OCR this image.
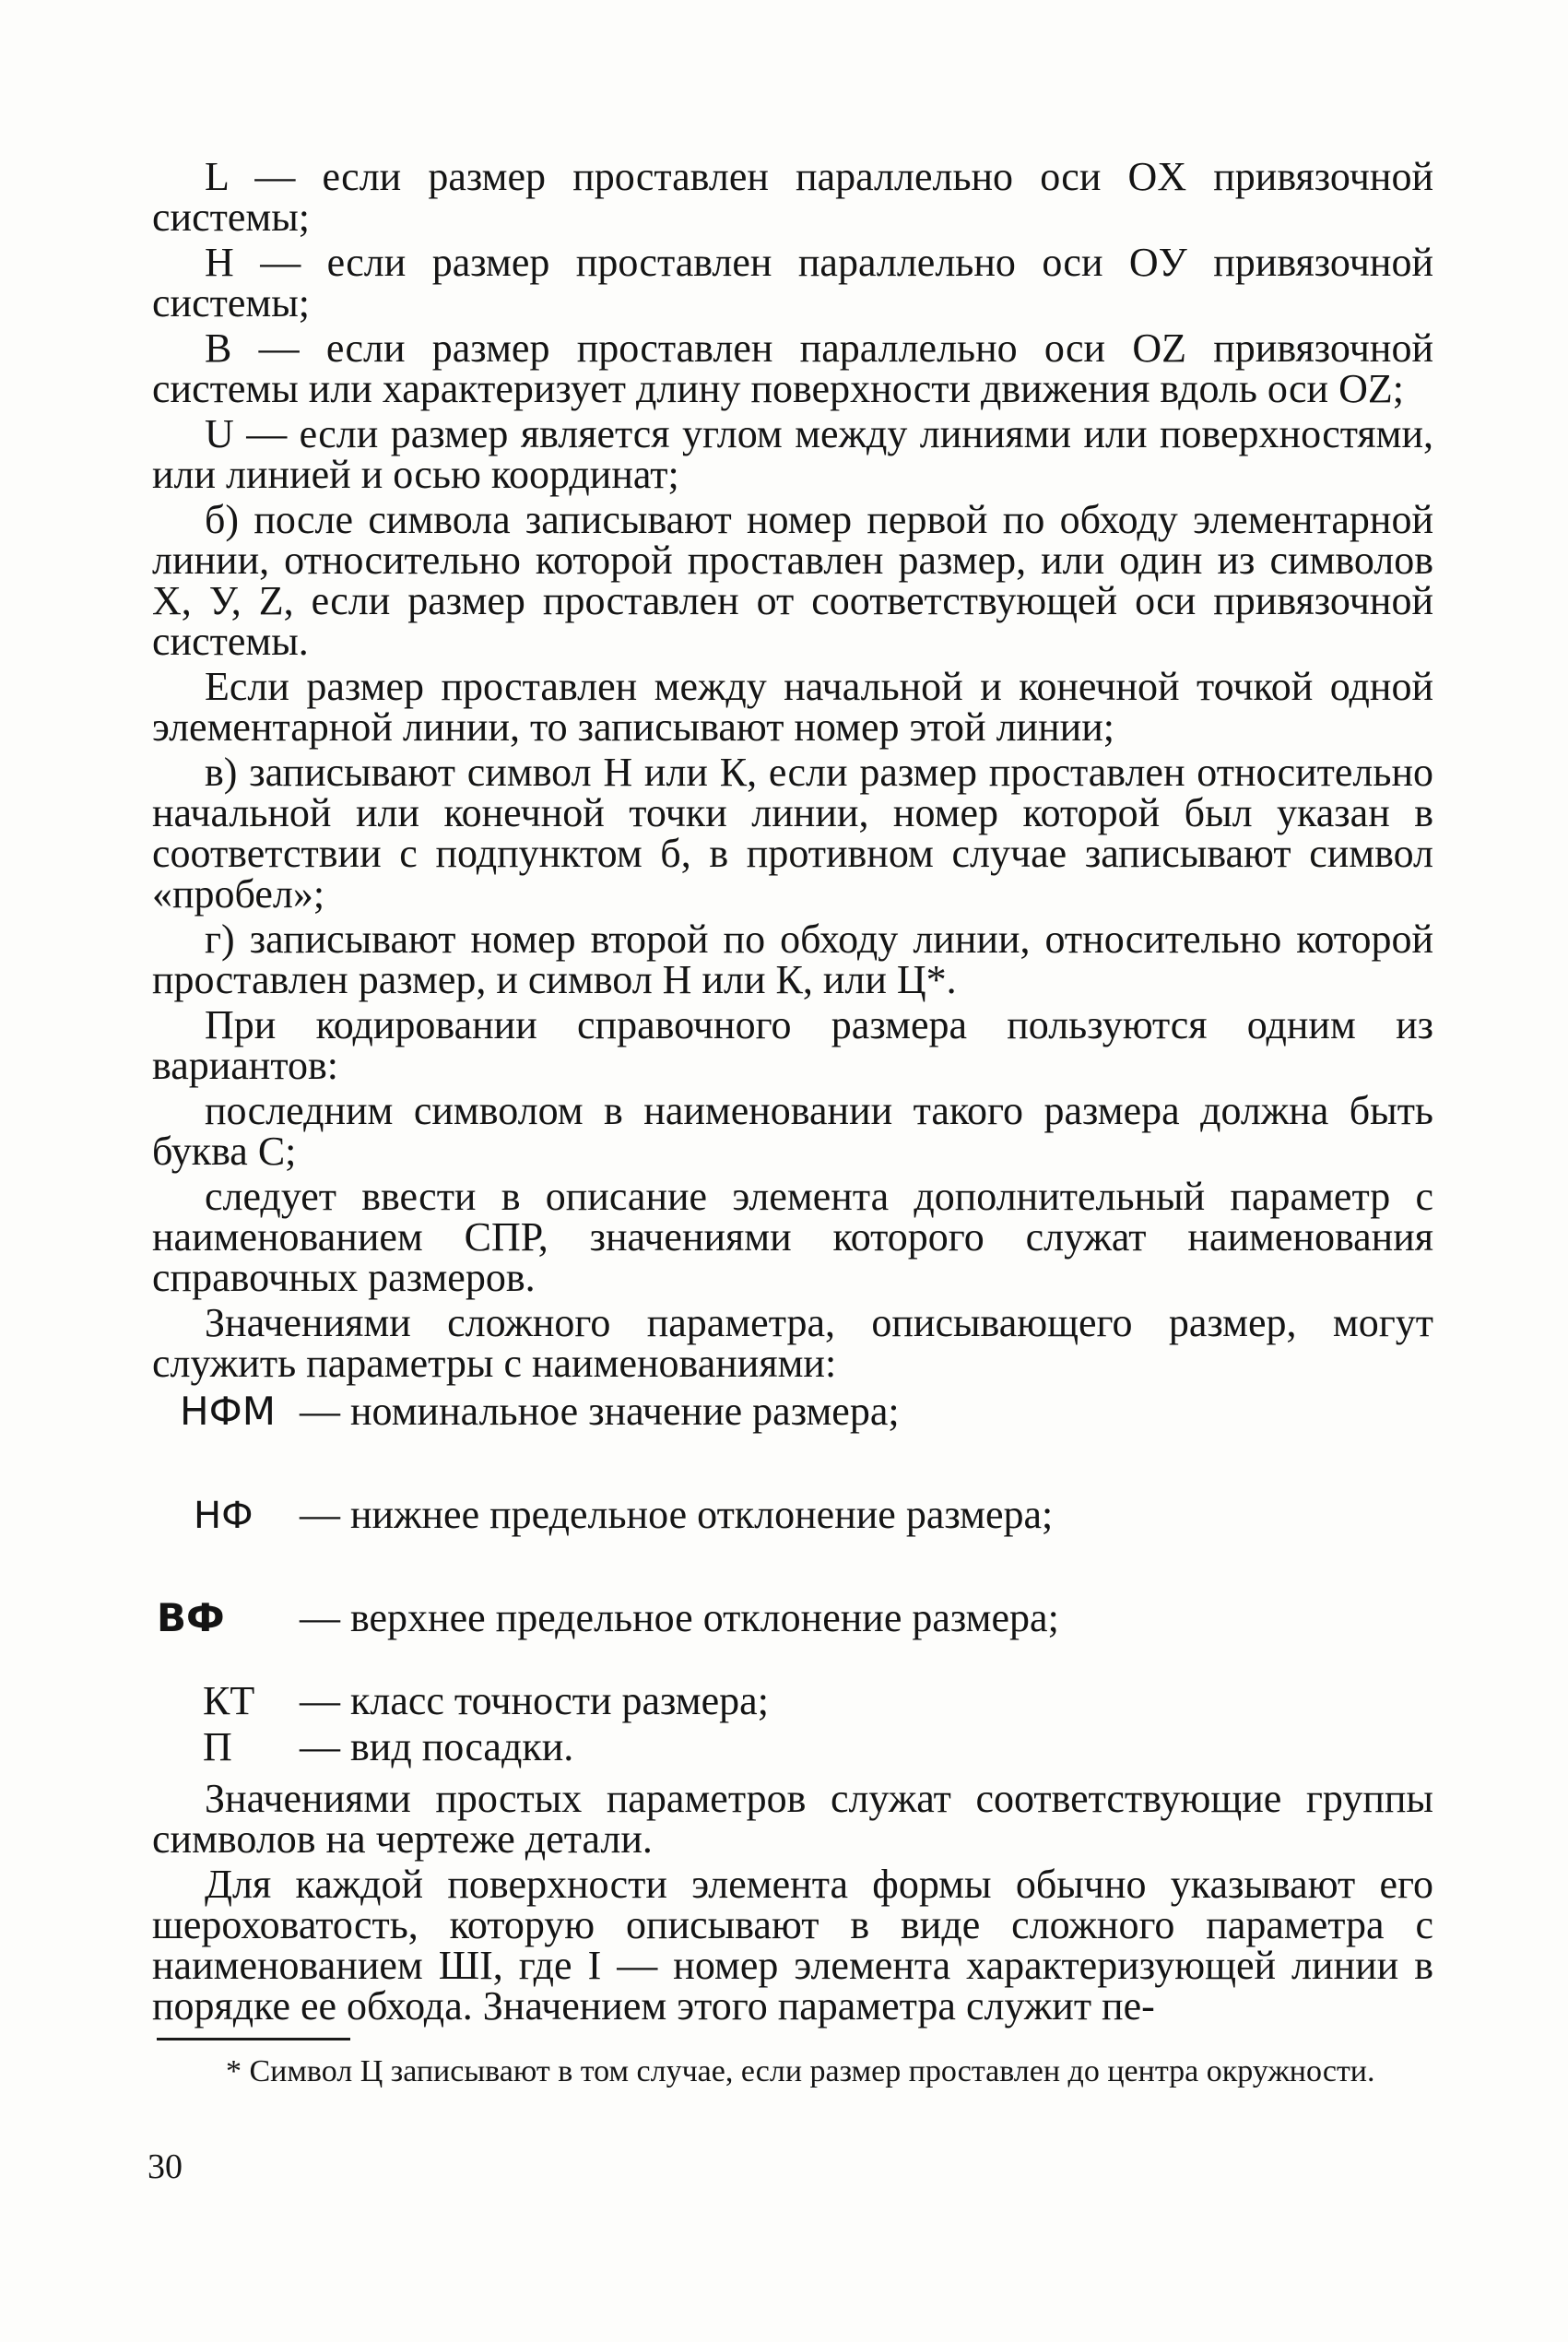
L — если размер проставлен параллельно оси OX привязочной системы;

H — если размер проставлен параллельно оси OУ привязочной системы;

B — если размер проставлен параллельно оси OZ привязочной системы или характеризует длину поверхности движения вдоль оси OZ;

U — если размер является углом между линиями или поверхностями, или линией и осью координат;

б) после символа записывают номер первой по обходу элементарной линии, относительно которой проставлен размер, или один из символов X, У, Z, если размер проставлен от соответствующей оси привязочной системы.

Если размер проставлен между начальной и конечной точкой одной элементарной линии, то записывают номер этой линии;

в) записывают символ Н или К, если размер проставлен относительно начальной или конечной точки линии, номер которой был указан в соответствии с подпунктом б, в противном случае записывают символ «пробел»;

г) записывают номер второй по обходу линии, относительно которой проставлен размер, и символ Н или К, или Ц*.

При кодировании справочного размера пользуются одним из вариантов:

последним символом в наименовании такого размера должна быть буква С;

следует ввести в описание элемента дополнительный параметр с наименованием СПР, значениями которого служат наименования справочных размеров.

Значениями сложного параметра, описывающего размер, могут служить параметры с наименованиями:

НФМ — номинальное значение размера;
НФ	— нижнее предельное отклонение размера;
ВФ	— верхнее предельное отклонение размера;
КТ	— класс точности размера;
П	— вид посадки.

Значениями простых параметров служат соответствующие группы символов на чертеже детали.

Для каждой поверхности элемента формы обычно указывают его шероховатость, которую описывают в виде сложного параметра с наименованием ШI, где I — номер элемента характеризующей линии в порядке ее обхода. Значением этого параметра служит пе-

* Символ Ц записывают в том случае, если размер проставлен до центра окружности.
30
